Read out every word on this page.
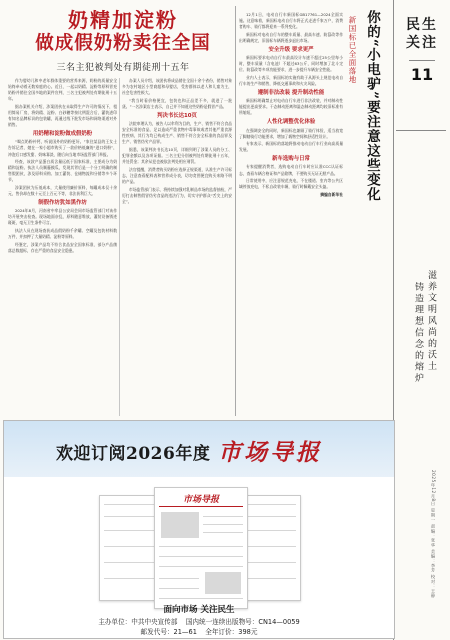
奶精加淀粉
做成假奶粉卖往全国
三名主犯被判处有期徒刑十五年

作为婴幼儿和中老年群体重要的营养来源，奶粉的质量安全始终牵动着无数家庭的心。近日，一起以奶精、淀粉等原料冒充奶粉并销往全国多地的案件宣判，三名主犯被判处有期徒刑十五年。

据办案机关介绍，涉案团伙在未取得生产许可的情况下，租用简易厂房，将奶精、淀粉、白砂糖等按比例混合后，灌装进印有知名品牌标识的包装罐，再通过线下批发市场和网络渠道对外销售。

用奶精和淀粉做成假奶粉

“喝点奶粉补钙，听说国外的奶粉更好。”家住某县的王女士告诉记者，她在一家小超市购买了一款价格低廉的“进口奶粉”，冲泡后口感发甜、奶味寡淡，随后向当地市场监管部门举报。

经查，该款产品蛋白质含量远低于国家标准，主要成分为奶精和淀粉。执法人员顺藤摸瓜，发现其背后是一个分工明确的制售假团伙，涉及原料采购、加工灌装、仓储物流和分销等多个环节。

涉案团伙为压低成本，大量使用廉价原料，每罐成本仅十余元，售价却在数十元至上百元不等，非法获利巨大。

制假作坊犹如黑作坊

2024年8月，河南省中牟县公安局会同市场监管部门对该作坊开展突击检查。现场地面杂乱，原料随意堆放，灌装设备锈迹斑斑，毫无卫生条件可言。

执法人员在现场查获成品假奶粉千余罐、空罐及包装材料数万件，并扣押了大量奶精、淀粉等原料。

经鉴定，涉案产品均不符合食品安全国家标准，部分产品菌落总数超标，存在严重的食品安全隐患。

办案人员介绍，该团伙将成品销往全国十余个省份，销售对象多为农村地区小型商超和母婴店，受害群体以老人和儿童为主，社会危害性极大。

“我当时看价格便宜，包装也和正品差不多，就进了一批货。”一名涉案店主表示，自己并不知道这些奶粉是假冒产品。

判决书长达10页

法院审理认为，被告人以牟利为目的，生产、销售不符合食品安全标准的食品，足以造成严重食物中毒事故或者其他严重食源性疾病，其行为均已构成生产、销售不符合安全标准的食品罪及生产、销售伪劣产品罪。

据悉，该案判决书长达10页，详细列明了涉案人员的分工、犯罪金额以及各项证据。三名主犯分别被判处有期徒刑十五年，并处罚金；其余从犯也被依法判处相应刑罚。

法官提醒，消费者购买奶粉应选择正规渠道，认准生产许可标志，注意查看配料表和营养成分表，切勿贪图便宜购买来路不明的产品。

市场监管部门表示，将持续加强对乳制品市场的监督抽检，严厉打击制售假冒伪劣食品的违法行为，切实守护群众“舌尖上的安全”。

12月1日，电动自行车新国标GB17761—2024全面实施。这意味着，新国标电动自行车将正式走进千家万户，消费者购车、骑行都将迎来一系列变化。

新国标对电动自行车的整车质量、最高车速、防篡改等作出明确规定，旧国标车辆将逐步退出市场。

安全升级 要求更严

新国标要求电动自行车最高设计车速不超过25公里每小时，整车质量（含电池）不超过63公斤，同时增加了北斗定位、防篡改等多项功能要求，进一步提升车辆安全性能。

业内人士表示，新国标的实施有助于从源头上规范电动自行车的生产和销售，降低交通事故和火灾风险。

遵制非法改装 提升制动性能

新国标明确禁止对电动自行车进行非法改装，并对制动性能提出更高要求。干态制动距离和湿态制动距离均较旧标准有所缩短。

人性化调整优化体验

在强调安全的同时，新国标也兼顾了骑行体验，适当放宽了脚踏骑行功能要求，增加了载物空间和舒适性设计。

专家表示，新国标的落地将推动电动自行车行业向高质量发展。

新车选购与日常

专家提醒消费者，选购电动自行车时应认准CCC认证标志，查看车辆合格证和产品铭牌，不要购买无证无照产品。

日常使用中，应注意规范充电，不在楼道、室内等公共区域停放充电，不私自改装车辆，骑行时佩戴安全头盔。

摘编自新华社 你的“小电驴”要注意这些变化
新国标已全面落地	民生关注
11
滋养文明风尚的沃土
铸造理想信念的熔炉
2025年12月8日 星期一 责编：张华 美编：李芳 校对：王静
欢迎订阅2026年度 市场导报
市场导报
面向市场 关注民生
主办单位：中共中央宣传部 国内统一连续出版物号：CN14—0059
邮发代号：21—61 全年订价：398元
